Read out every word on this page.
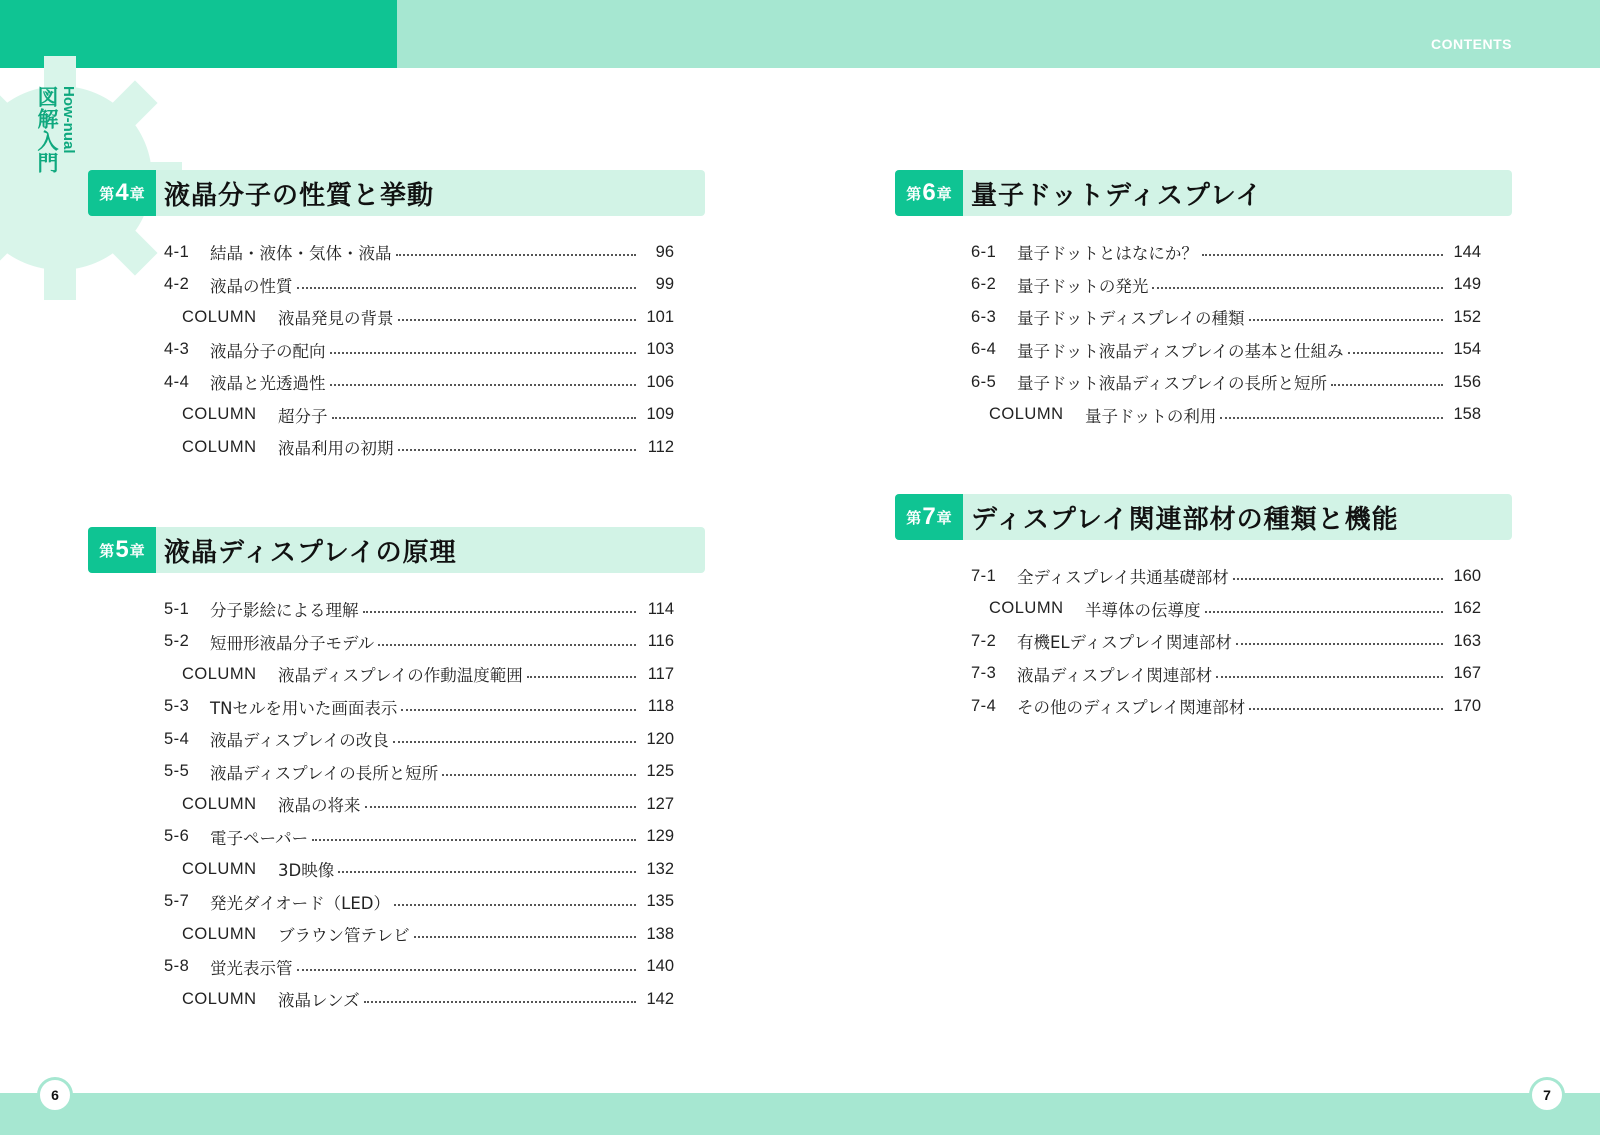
CONTENTS
図解入門 How-nual
第 4 章 液晶分子の性質と挙動
4-1	結晶・液体・気体・液晶	96
4-2	液晶の性質	99
COLUMN	液晶発見の背景	101
4-3	液晶分子の配向	103
4-4	液晶と光透過性	106
COLUMN	超分子	109
COLUMN	液晶利用の初期	112
第 5 章 液晶ディスプレイの原理
5-1	分子影絵による理解	114
5-2	短冊形液晶分子モデル	116
COLUMN	液晶ディスプレイの作動温度範囲	117
5-3	TNセルを用いた画面表示	118
5-4	液晶ディスプレイの改良	120
5-5	液晶ディスプレイの長所と短所	125
COLUMN	液晶の将来	127
5-6	電子ペーパー	129
COLUMN	3D映像	132
5-7	発光ダイオード（LED）	135
COLUMN	ブラウン管テレビ	138
5-8	蛍光表示管	140
COLUMN	液晶レンズ	142
第 6 章 量子ドットディスプレイ
6-1	量子ドットとはなにか？	144
6-2	量子ドットの発光	149
6-3	量子ドットディスプレイの種類	152
6-4	量子ドット液晶ディスプレイの基本と仕組み	154
6-5	量子ドット液晶ディスプレイの長所と短所	156
COLUMN	量子ドットの利用	158
第 7 章 ディスプレイ関連部材の種類と機能
7-1	全ディスプレイ共通基礎部材	160
COLUMN	半導体の伝導度	162
7-2	有機ELディスプレイ関連部材	163
7-3	液晶ディスプレイ関連部材	167
7-4	その他のディスプレイ関連部材	170
6	7
